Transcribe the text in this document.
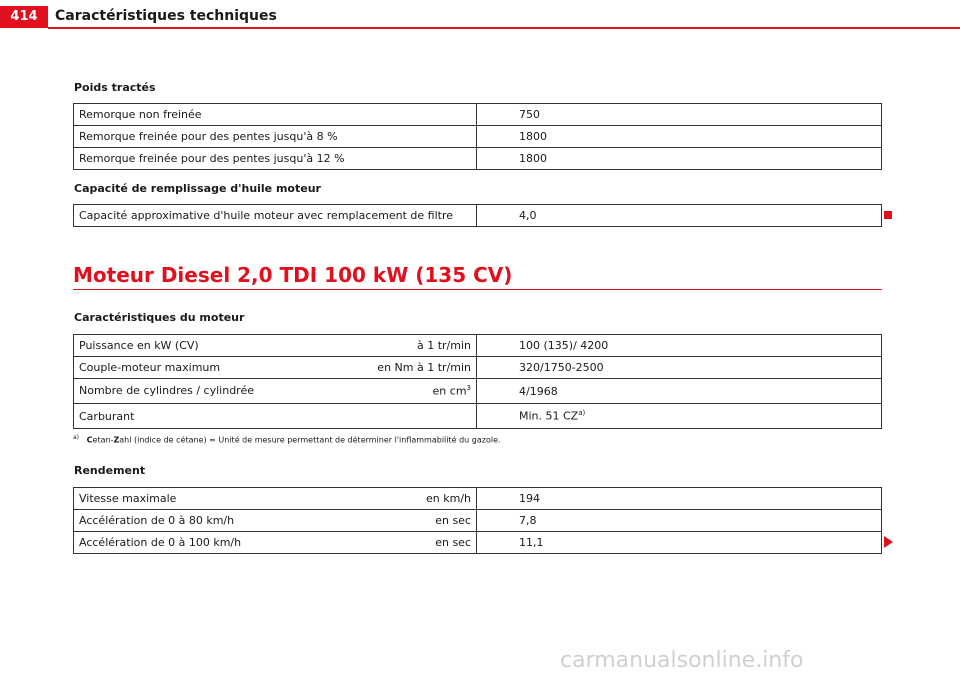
414	Caractéristiques techniques
Poids tractés
Remorque non freinée	750
Remorque freinée pour des pentes jusqu'à 8 %	1800
Remorque freinée pour des pentes jusqu'à 12 %	1800
Capacité de remplissage d'huile moteur
Capacité approximative d'huile moteur avec remplacement de filtre	4,0
Moteur Diesel 2,0 TDI 100 kW (135 CV)
Caractéristiques du moteur
Puissance en kW (CV) à 1 tr/min	100 (135)/ 4200

Couple-moteur maximum en Nm à 1 tr/min	320/1750-2500

Nombre de cylindres / cylindrée en $cm^3$	4/1968

Carburant	Min. 51 CZ$^{a)}$
$^{a)}$ Cetan-Zahl (indice de cétane) = Unité de mesure permettant de déterminer l'inflammabilité du gazole.
Rendement
Vitesse maximale en km/h	194

Accélération de 0 à 80 km/h en sec	7,8

Accélération de 0 à 100 km/h en sec	11,1
carmanualsonline.info
